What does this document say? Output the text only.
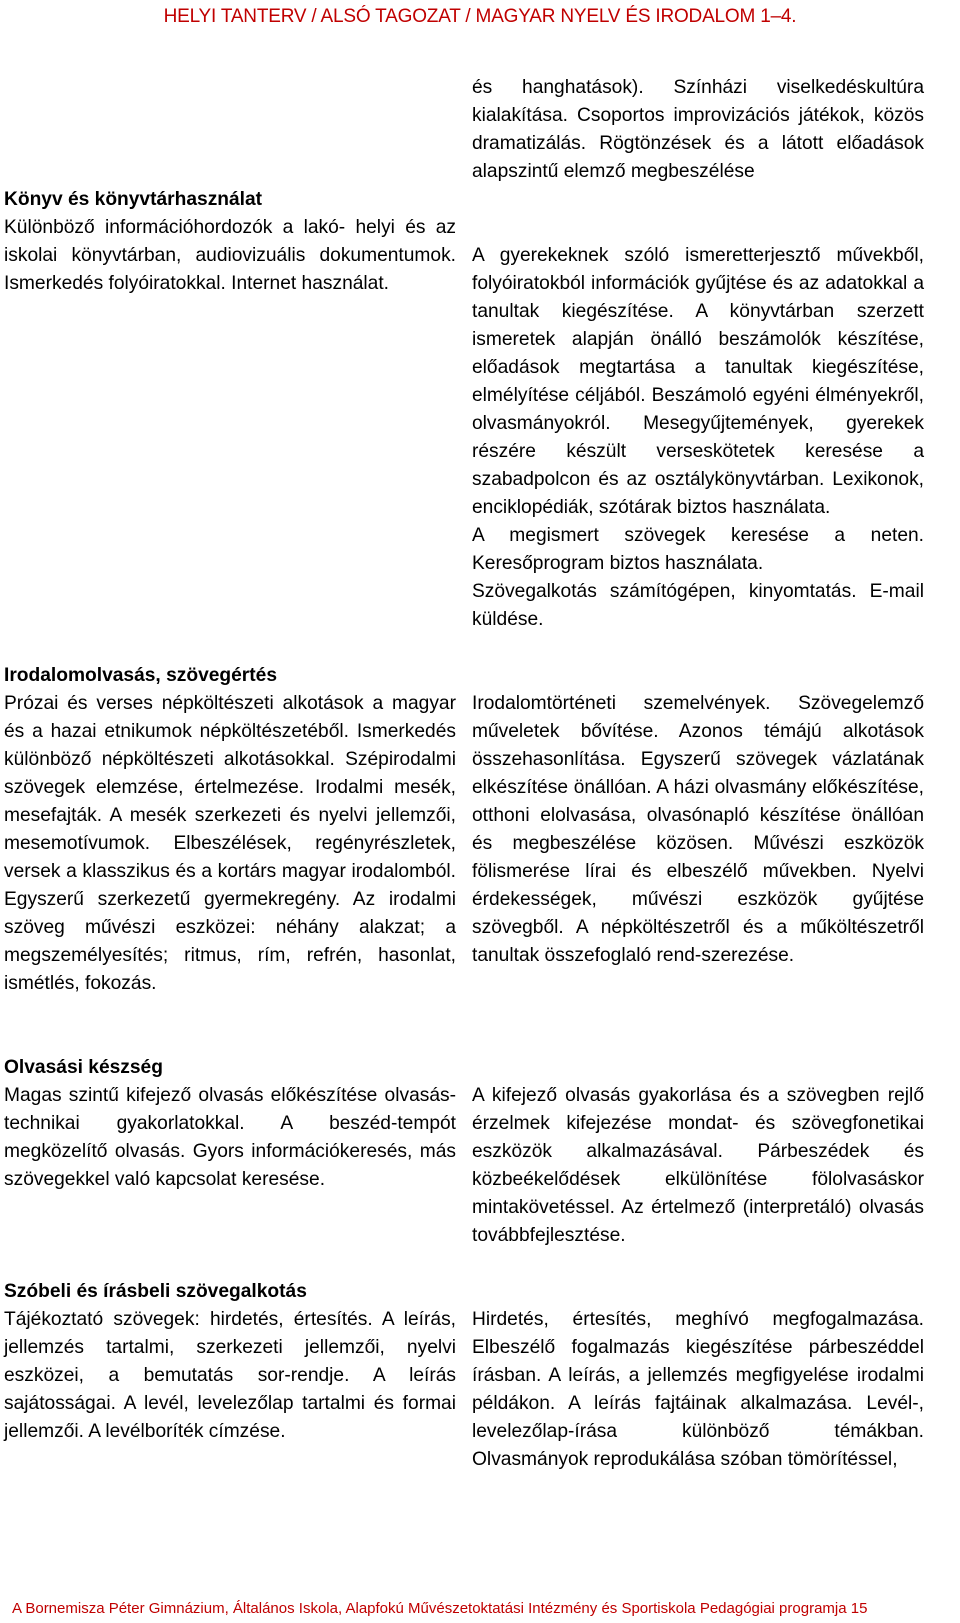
HELYI TANTERV / ALSÓ TAGOZAT / MAGYAR NYELV ÉS IRODALOM 1–4.
és hanghatások). Színházi viselkedéskultúra kialakítása. Csoportos improvizációs játékok, közös dramatizálás. Rögtönzések és a látott előadások alapszintű elemző megbeszélése
Könyv és könyvtárhasználat
Különböző információhordozók a lakó- helyi és az iskolai könyvtárban, audiovizuális dokumentumok. Ismerkedés folyóiratokkal. Internet használat.
A gyerekeknek szóló ismeretterjesztő művekből, folyóiratokból információk gyűjtése és az adatokkal a tanultak kiegészítése. A könyvtárban szerzett ismeretek alapján önálló beszámolók készítése, előadások megtartása a tanultak kiegészítése, elmélyítése céljából. Beszámoló egyéni élményekről, olvasmányokról. Mesegyűjtemények, gyerekek részére készült verseskötetek keresése a szabadpolcon és az osztálykönyvtárban. Lexikonok, enciklopédiák, szótárak biztos használata.
A megismert szövegek keresése a neten. Keresőprogram biztos használata.
Szövegalkotás számítógépen, kinyomtatás. E-mail küldése.
Irodalomolvasás, szövegértés
Prózai és verses népköltészeti alkotások a magyar és a hazai etnikumok népköltészetéből. Ismerkedés különböző népköltészeti alkotásokkal. Szépirodalmi szövegek elemzése, értelmezése. Irodalmi mesék, mesefajták. A mesék szerkezeti és nyelvi jellemzői, mesemotívumok. Elbeszélések, regényrészletek, versek a klasszikus és a kortárs magyar irodalomból. Egyszerű szerkezetű gyermekregény. Az irodalmi szöveg művészi eszközei: néhány alakzat; a megszemélyesítés; ritmus, rím, refrén, hasonlat, ismétlés, fokozás.
Irodalomtörténeti szemelvények. Szövegelemző műveletek bővítése. Azonos témájú alkotások összehasonlítása. Egyszerű szövegek vázlatának elkészítése önállóan. A házi olvasmány előkészítése, otthoni elolvasása, olvasónapló készítése önállóan és megbeszélése közösen. Művészi eszközök fölismerése lírai és elbeszélő művekben. Nyelvi érdekességek, művészi eszközök gyűjtése szövegből. A népköltészetről és a műköltészetről tanultak összefoglaló rend-szerezése.
Olvasási készség
Magas szintű kifejező olvasás előkészítése olvasás-technikai gyakorlatokkal. A beszéd-tempót megközelítő olvasás. Gyors információkeresés, más szövegekkel való kapcsolat keresése.
A kifejező olvasás gyakorlása és a szövegben rejlő érzelmek kifejezése mondat- és szövegfonetikai eszközök alkalmazásával. Párbeszédek és közbeékelődések elkülönítése fölolvasáskor mintakövetéssel. Az értelmező (interpretáló) olvasás továbbfejlesztése.
Szóbeli és írásbeli szövegalkotás
Tájékoztató szövegek: hirdetés, értesítés. A leírás, jellemzés tartalmi, szerkezeti jellemzői, nyelvi eszközei, a bemutatás sor-rendje. A leírás sajátosságai. A levél, levelezőlap tartalmi és formai jellemzői. A levélboríték címzése.
Hirdetés, értesítés, meghívó megfogalmazása. Elbeszélő fogalmazás kiegészítése párbeszéddel írásban. A leírás, a jellemzés megfigyelése irodalmi példákon. A leírás fajtáinak alkalmazása. Levél-, levelezőlap-írása különböző témákban. Olvasmányok reprodukálása szóban tömörítéssel,
A Bornemisza Péter Gimnázium, Általános Iskola, Alapfokú Művészetoktatási Intézmény és Sportiskola Pedagógiai programja 15
